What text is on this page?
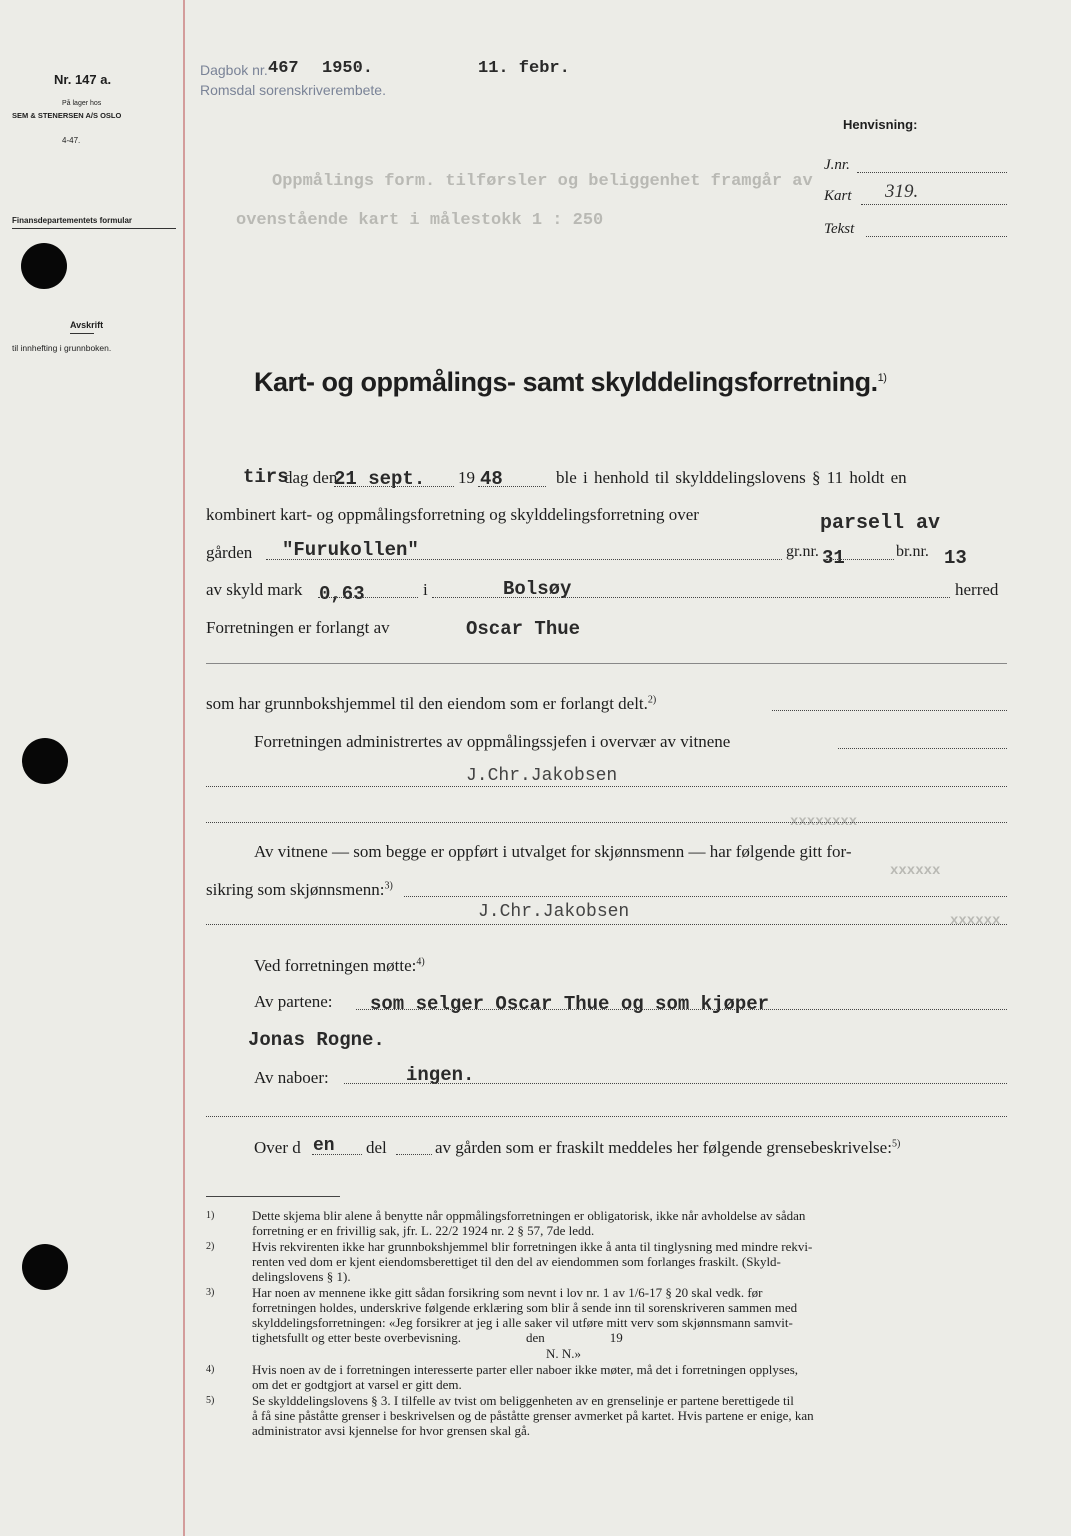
Oppmålings form. tilførsler og beliggenhet framgår av
ovenstående kart i målestokk 1 : 250
xxxxxxxx
xxxxxx
xxxxxx
Nr. 147 a.
På lager hos
SEM & STENERSEN A/S OSLO
4-47.
Finansdepartementets formular
Avskrift
til innhefting i grunnboken.
Dagbok nr. 467 1950.	11. febr.
Romsdal sorenskriverembete.
Henvisning:
J.nr.
Kart 319.
Tekst
Kart- og oppmålings- samt skylddelingsforretning.$^{1)}$
tirs
dag den
21 sept. 19 48	ble i henhold til skylddelingslovens § 11 holdt en
kombinert kart- og oppmålingsforretning og skylddelingsforretning over	parsell av
gården "Furukollen"	gr.nr. 31	br.nr. 13
av skyld mark 0,63	i	Bolsøy	herred
Forretningen er forlangt av	Oscar Thue
som har grunnbokshjemmel til den eiendom som er forlangt delt.$^{2)}$
Forretningen administrertes av oppmålingssjefen i overvær av vitnene
J.Chr.Jakobsen
Av vitnene — som begge er oppført i utvalget for skjønnsmenn — har følgende gitt for-
sikring som skjønnsmenn:$^{3)}$
J.Chr.Jakobsen
Ved forretningen møtte:$^{4)}$
Av partene: som selger Oscar Thue og som kjøper
Jonas Rogne.
Av naboer:	ingen.
Over d en del	av gården som er fraskilt meddeles her følgende grensebeskrivelse:$^{5)}$
1)	Dette skjema blir alene å benytte når oppmålingsforretningen er obligatorisk, ikke når avholdelse av sådan
forretning er en frivillig sak, jfr. L. 22/2 1924 nr. 2 § 57, 7de ledd.
2)	Hvis rekvirenten ikke har grunnbokshjemmel blir forretningen ikke å anta til tinglysning med mindre rekvi-
renten ved dom er kjent eiendomsberettiget til den del av eiendommen som forlanges fraskilt. (Skyld-
delingslovens § 1).
3)	Har noen av mennene ikke gitt sådan forsikring som nevnt i lov nr. 1 av 1/6-17 § 20 skal vedk. før
forretningen holdes, underskrive følgende erklæring som blir å sende inn til sorenskriveren sammen med
skylddelingsforretningen: «Jeg forsikrer at jeg i alle saker vil utføre mitt verv som skjønnsmann samvit-
tighetsfullt og etter beste overbevisning.                    den                    19
N. N.»
4)	Hvis noen av de i forretningen interesserte parter eller naboer ikke møter, må det i forretningen opplyses,
om det er godtgjort at varsel er gitt dem.
5)	Se skylddelingslovens § 3. I tilfelle av tvist om beliggenheten av en grenselinje er partene berettigede til
å få sine påståtte grenser i beskrivelsen og de påståtte grenser avmerket på kartet. Hvis partene er enige, kan
administrator avsi kjennelse for hvor grensen skal gå.
